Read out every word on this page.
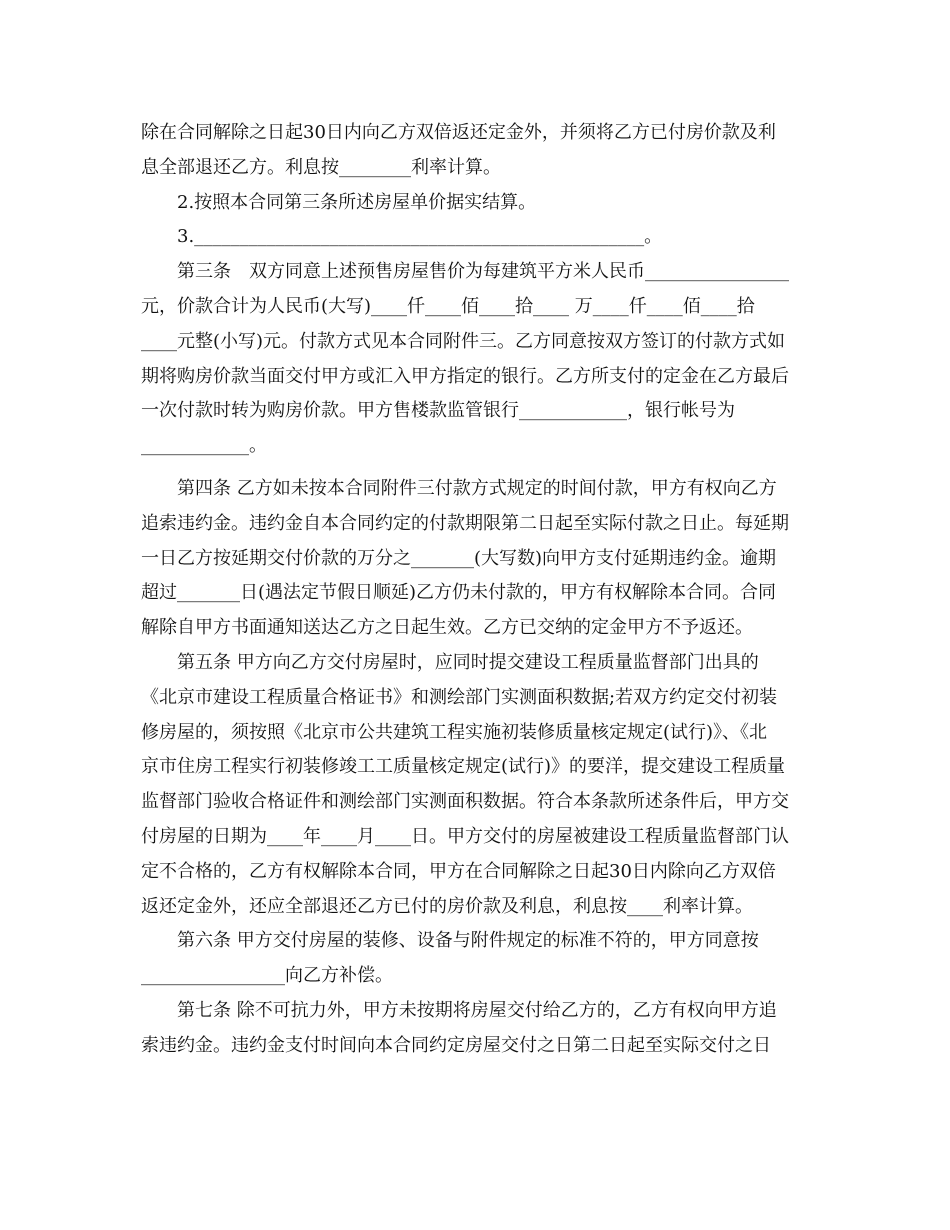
除在合同解除之日起30日内向乙方双倍返还定金外，并须将乙方已付房价款及利
息全部退还乙方。利息按________利率计算。
2.按照本合同第三条所述房屋单价据实结算。
3.__________________________________________________。
第三条　双方同意上述预售房屋售价为每建筑平方米人民币________________
元，价款合计为人民币(大写)____仟____佰____拾____ 万____仟____佰____拾
____元整(小写)元。付款方式见本合同附件三。乙方同意按双方签订的付款方式如
期将购房价款当面交付甲方或汇入甲方指定的银行。乙方所支付的定金在乙方最后
一次付款时转为购房价款。甲方售楼款监管银行____________，银行帐号为
____________。
第四条 乙方如未按本合同附件三付款方式规定的时间付款，甲方有权向乙方
追索违约金。违约金自本合同约定的付款期限第二日起至实际付款之日止。每延期
一日乙方按延期交付价款的万分之_______(大写数)向甲方支付延期违约金。逾期
超过_______日(遇法定节假日顺延)乙方仍未付款的，甲方有权解除本合同。合同
解除自甲方书面通知送达乙方之日起生效。乙方已交纳的定金甲方不予返还。
第五条 甲方向乙方交付房屋时，应同时提交建设工程质量监督部门出具的
《北京市建设工程质量合格证书》和测绘部门实测面积数据;若双方约定交付初装
修房屋的，须按照《北京市公共建筑工程实施初装修质量核定规定(试行)》、《北
京市住房工程实行初装修竣工工质量核定规定(试行)》的要洋，提交建设工程质量
监督部门验收合格证件和测绘部门实测面积数据。符合本条款所述条件后，甲方交
付房屋的日期为____年____月____日。甲方交付的房屋被建设工程质量监督部门认
定不合格的，乙方有权解除本合同，甲方在合同解除之日起30日内除向乙方双倍
返还定金外，还应全部退还乙方已付的房价款及利息，利息按____利率计算。
第六条 甲方交付房屋的装修、设备与附件规定的标准不符的，甲方同意按
________________向乙方补偿。
第七条 除不可抗力外，甲方未按期将房屋交付给乙方的，乙方有权向甲方追
索违约金。违约金支付时间向本合同约定房屋交付之日第二日起至实际交付之日
